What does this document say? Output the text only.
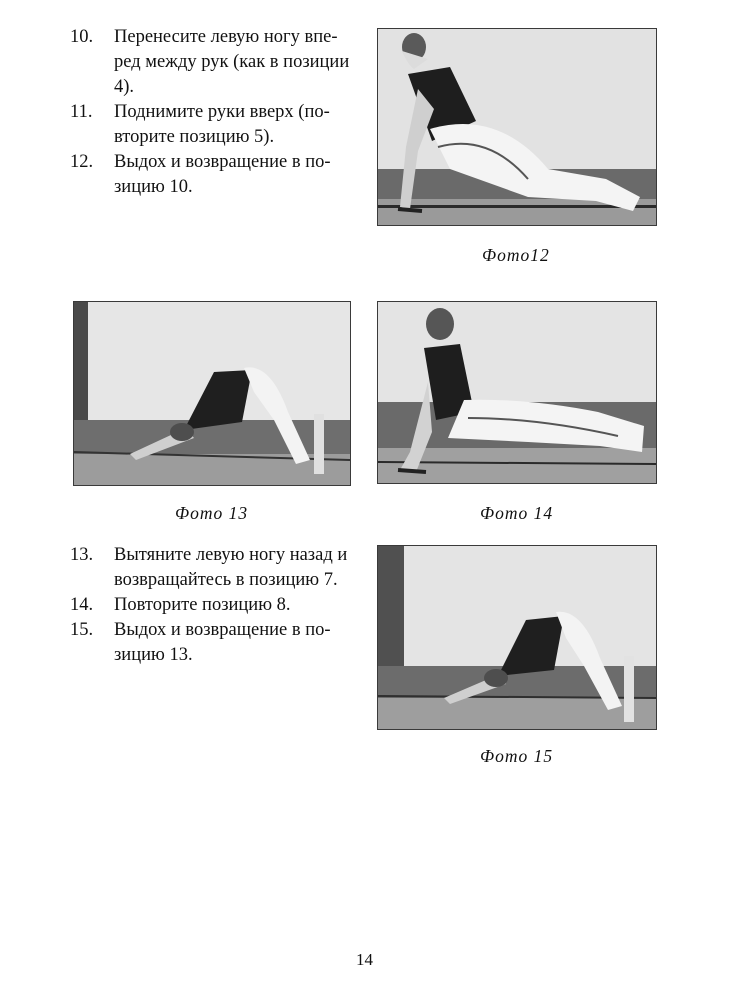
10. Перенесите левую ногу вперед между рук (как в позиции 4).
11. Поднимите руки вверх (повторите позицию 5).
12. Выдох и возвращение в позицию 10.
Фото12
Фото 13	Фото 14
13. Вытяните левую ногу назад и возвращайтесь в позицию 7.
14. Повторите позицию 8.
15. Выдох и возвращение в позицию 13.
Фото 15
14
